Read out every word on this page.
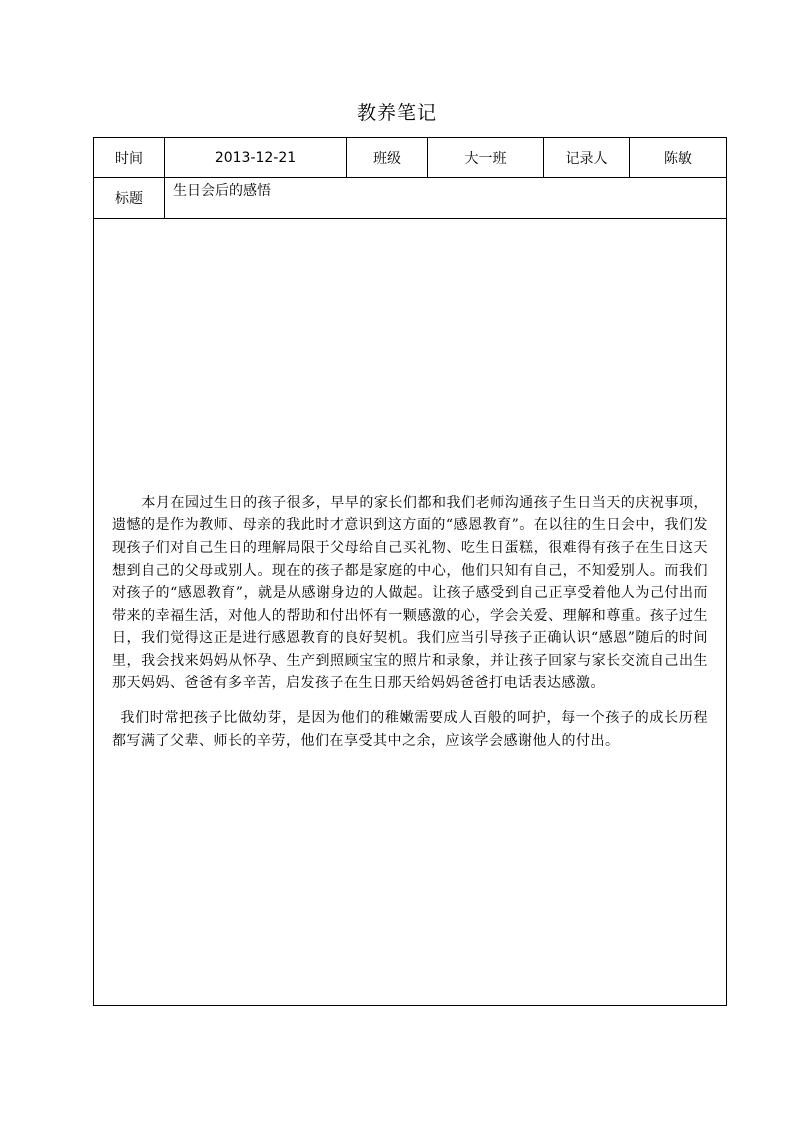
教养笔记
时间	2013-12-21	班级	大一班	记录人	陈敏
标题	生日会后的感悟				

本月在园过生日的孩子很多，早早的家长们都和我们老师沟通孩子生日当天的庆祝事项，遗憾的是作为教师、母亲的我此时才意识到这方面的“感恩教育”。在以往的生日会中，我们发现孩子们对自己生日的理解局限于父母给自己买礼物、吃生日蛋糕，很难得有孩子在生日这天想到自己的父母或别人。现在的孩子都是家庭的中心，他们只知有自己，不知爱别人。而我们对孩子的“感恩教育”，就是从感谢身边的人做起。让孩子感受到自己正享受着他人为己付出而带来的幸福生活，对他人的帮助和付出怀有一颗感激的心，学会关爱、理解和尊重。孩子过生日，我们觉得这正是进行感恩教育的良好契机。我们应当引导孩子正确认识“感恩”随后的时间里，我会找来妈妈从怀孕、生产到照顾宝宝的照片和录象，并让孩子回家与家长交流自己出生那天妈妈、爸爸有多辛苦，启发孩子在生日那天给妈妈爸爸打电话表达感激。

我们时常把孩子比做幼芽，是因为他们的稚嫩需要成人百般的呵护，每一个孩子的成长历程都写满了父辈、师长的辛劳，他们在享受其中之余，应该学会感谢他人的付出。					
